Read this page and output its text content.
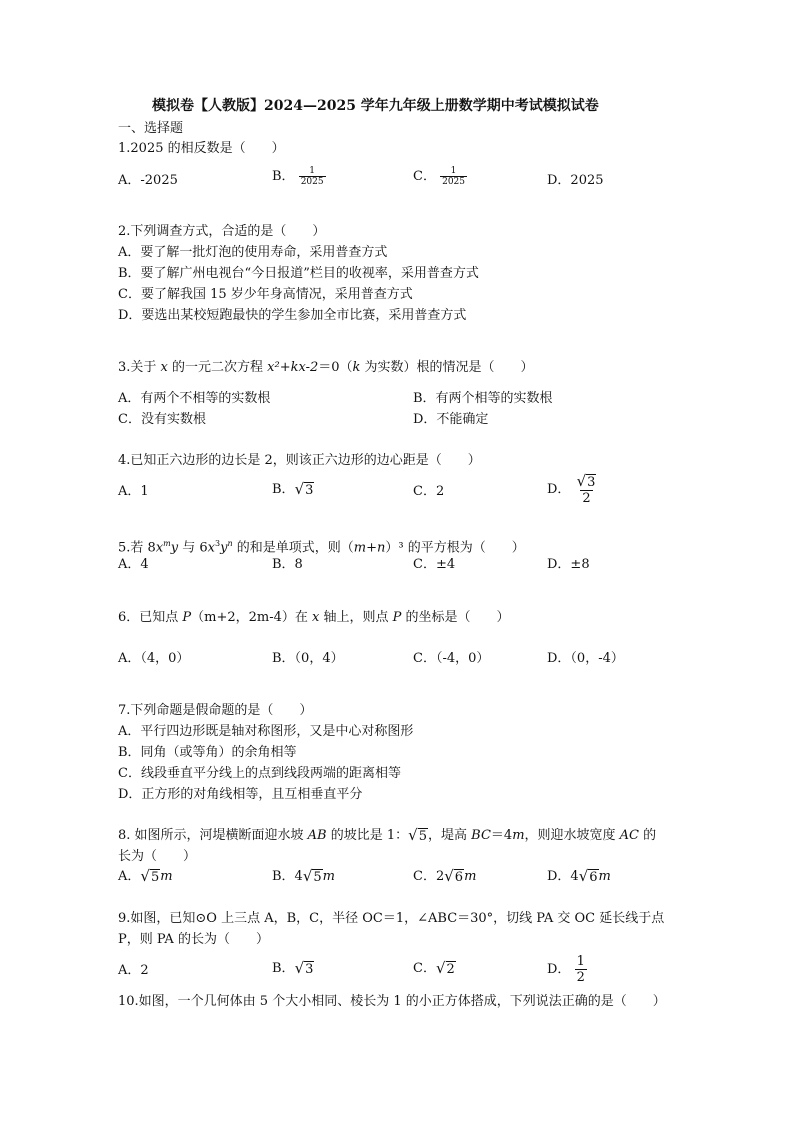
模拟卷【人教版】2024—2025 学年九年级上册数学期中考试模拟试卷
一、选择题
1.2025 的相反数是（　　）
A．-2025	B． $\frac{1}{2025}$	C． $\frac{1}{2025}$	D．2025
2.下列调查方式，合适的是（　　）
A．要了解一批灯泡的使用寿命，采用普查方式
B．要了解广州电视台“今日报道”栏目的收视率，采用普查方式
C．要了解我国 15 岁少年身高情况，采用普查方式
D．要选出某校短跑最快的学生参加全市比赛，采用普查方式
3.关于 x 的一元二次方程 x²+kx-2＝0（k 为实数）根的情况是（　　）
A．有两个不相等的实数根	B．有两个相等的实数根
C．没有实数根	D．不能确定
4.已知正六边形的边长是 2，则该正六边形的边心距是（　　）
A．1	B． √ 3	C．2	D． $\frac{√ 3}{2}$
5.若 $8x^my$ 与 $6x^3y^n$ 的和是单项式，则（m+n）³ 的平方根为（　　）
A．4	B．8	C．±4	D．±8
6．已知点 P（m+2，2m-4）在 x 轴上，则点 P 的坐标是（　　）
A．（4，0）	B．（0，4）	C．（-4，0）	D．（0，-4）
7.下列命题是假命题的是（　　）
A．平行四边形既是轴对称图形，又是中心对称图形
B．同角（或等角）的余角相等
C．线段垂直平分线上的点到线段两端的距离相等
D．正方形的对角线相等，且互相垂直平分
8. 如图所示，河堤横断面迎水坡 AB 的坡比是 1： √ 5 ，堤高 BC＝4m，则迎水坡宽度 AC 的
长为（　　）
A． √ 5 m	B．4 √ 5 m	C．2 √ 6 m	D．4 √ 6 m
9.如图，已知⊙O 上三点 A，B，C，半径 OC＝1，∠ABC＝30°，切线 PA 交 OC 延长线于点
P，则 PA 的长为（　　）
A．2	B． √ 3	C． √ 2	D． $\frac{1}{2}$
10.如图，一个几何体由 5 个大小相同、棱长为 1 的小正方体搭成，下列说法正确的是（　　）
